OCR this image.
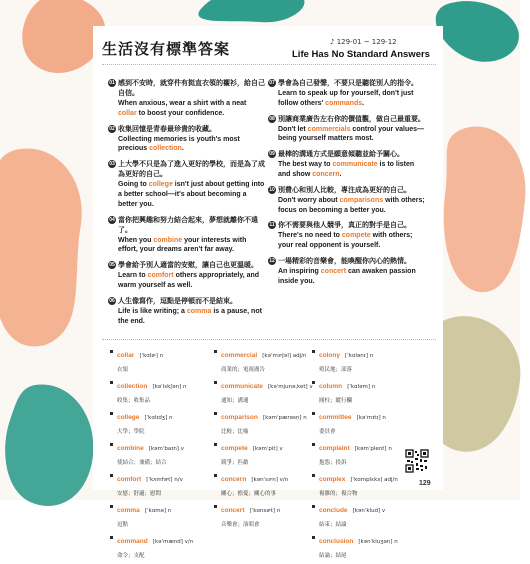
生活沒有標準答案	♪ 129-01 ~ 129-12
Life Has No Standard Answers
01 感到不安時，就穿件有挺直衣領的襯衫，給自己自信。
When anxious, wear a shirt with a neat collar to boost your confidence.
02 收集回憶是青春最珍貴的收藏。
Collecting memories is youth's most precious collection.
03 上大學不只是為了進入更好的學校，而是為了成為更好的自己。
Going to college isn't just about getting into a better school—it's about becoming a better you.
04 當你把興趣和努力結合起來，夢想就離你不遠了。
When you combine your interests with effort, your dreams aren't far away.
05 學會給予別人適當的安慰，讓自己也更溫暖。
Learn to comfort others appropriately, and warm yourself as well.
06 人生像寫作，逗點是停頓而不是結束。
Life is like writing; a comma is a pause, not the end.
07 學會為自己發聲，不要只是聽從別人的指令。
Learn to speak up for yourself, don't just follow others' commands.
08 別讓商業廣告左右你的價值觀，做自己最重要。
Don't let commercials control your values—being yourself matters most.
09 最棒的溝通方式是願意傾聽並給予關心。
The best way to communicate is to listen and show concern.
10 別費心和別人比較，專注成為更好的自己。
Don't worry about comparisons with others; focus on becoming a better you.
11 你不需要與他人競爭，真正的對手是自己。
There's no need to compete with others; your real opponent is yourself.
12 一場精彩的音樂會，能喚醒你內心的熱情。
An inspiring concert can awaken passion inside you.
collar [ˈkɑlɚ] n
衣領
collection [kəˈlɛkʃən] n
收集；收集品
college [ˈkɑlɪdʒ] n
大學；學院
combine [kəmˈbaɪn] v
使結合；兼備；結合
comfort [ˈkʌmfɚt] n/v
安慰；舒適；慰問
comma [ˈkɑmə] n
逗點
command [kəˈmænd] v/n
命令；支配
commercial [kəˈmɝʃəl] adj/n
商業的；電視廣告
communicate [kəˈmjunəˌket] v
通知；溝通
comparison [kəmˈpærəsn̩] n
比較；比喻
compete [kəmˈpit] v
競爭；匹敵
concern [kənˈsɝn] v/n
關心；擔憂；關心的事
concert [ˈkɑnsɚt] n
音樂會；演唱會
colony [ˈkɑlənɪ] n
殖民地；部落
column [ˈkɑləm] n
圓柱；縱行欄
committee [kəˈmɪtɪ] n
委員會
complaint [kəmˈplent] n
抱怨；投訴
complex [ˈkɑmplɛks] adj/n
複雜的；複合物
conclude [kənˈklud] v
結束；結論
conclusion [kənˈkluʒən] n
結論；結尾
129
